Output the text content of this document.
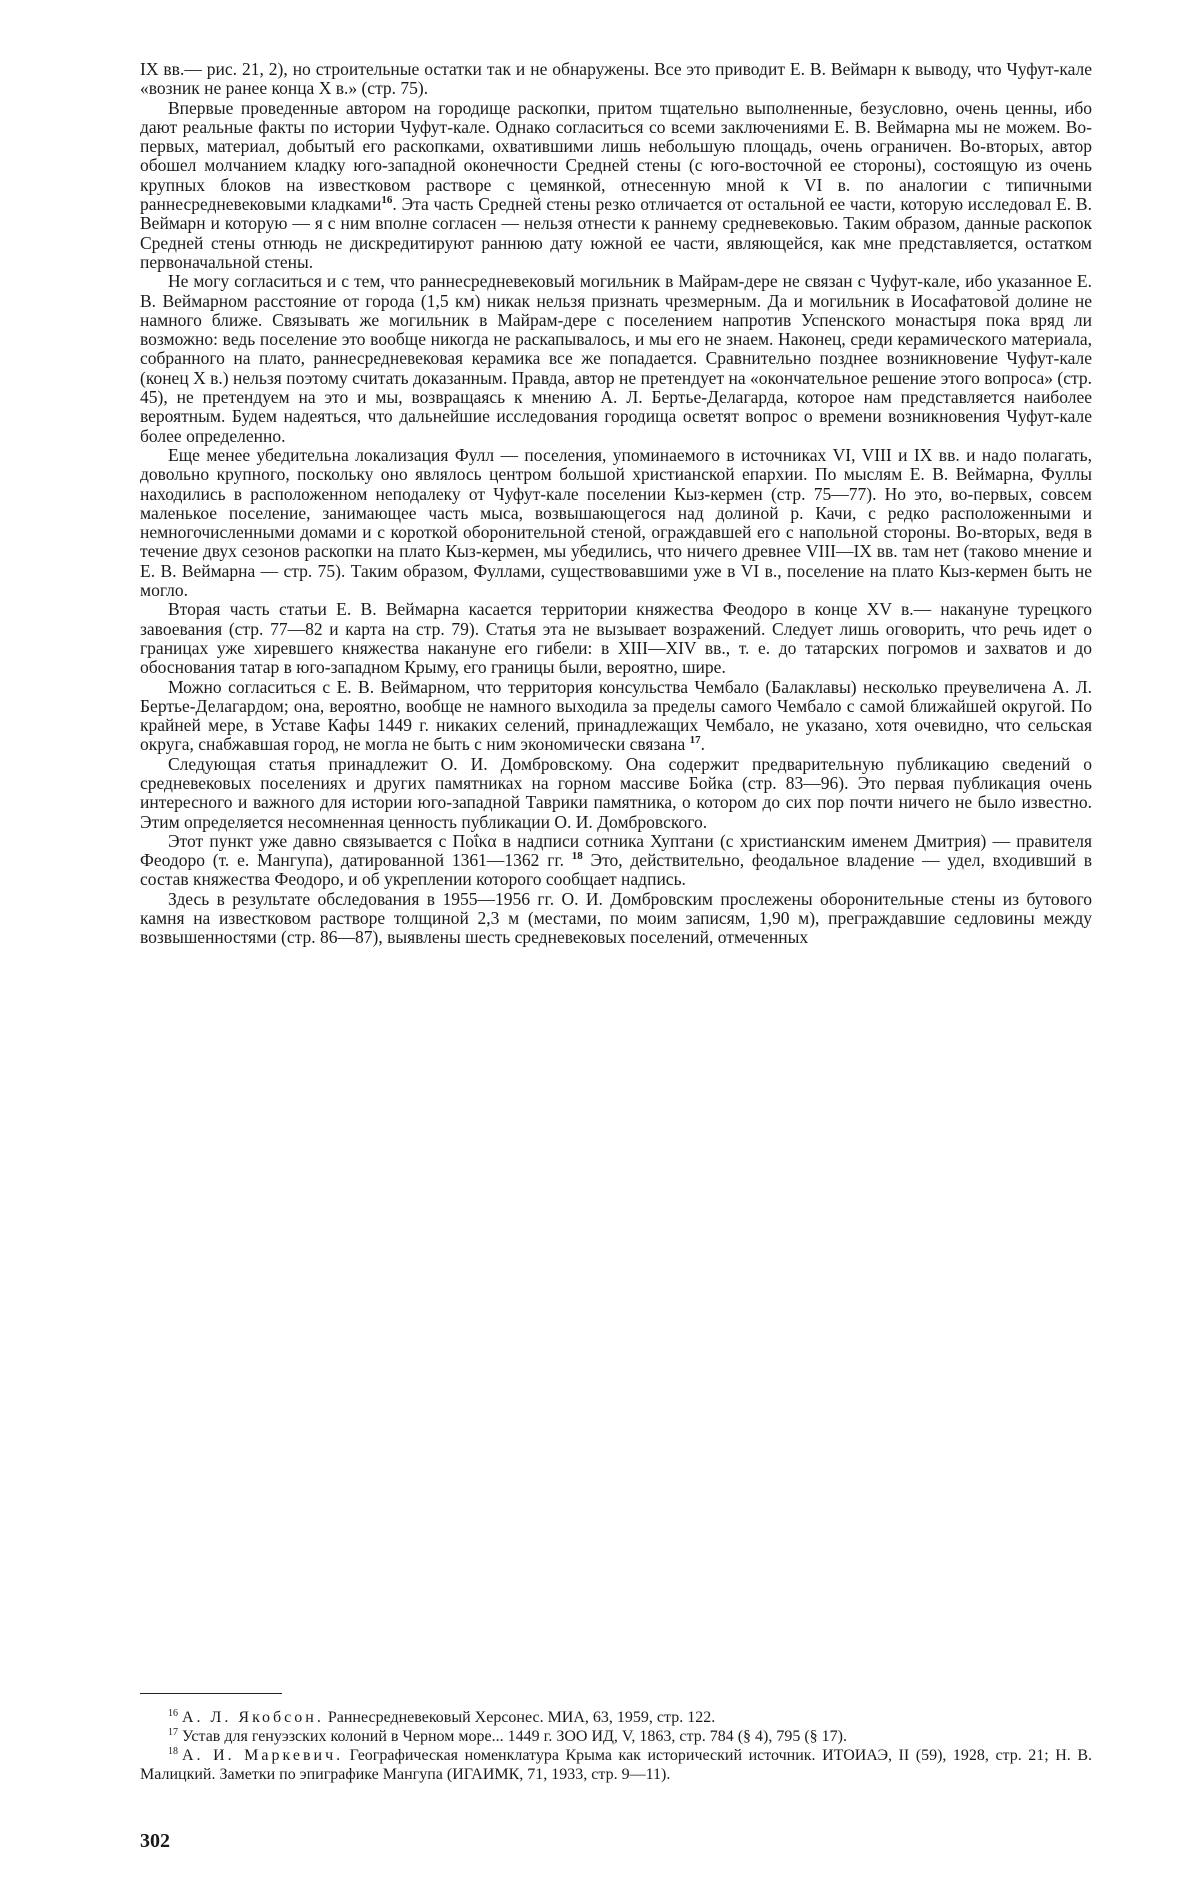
IX вв.— рис. 21, 2), но строительные остатки так и не обнаружены. Все это приводит Е. В. Веймарн к выводу, что Чуфут-кале «возник не ранее конца X в.» (стр. 75).

Впервые проведенные автором на городище раскопки, притом тщательно выполненные, безусловно, очень ценны, ибо дают реальные факты по истории Чуфут-кале. Однако согласиться со всеми заключениями Е. В. Веймарна мы не можем. Во-первых, материал, добытый его раскопками, охватившими лишь небольшую площадь, очень ограничен. Во-вторых, автор обошел молчанием кладку юго-западной оконечности Средней стены (с юго-восточной ее стороны), состоящую из очень крупных блоков на известковом растворе с цемянкой, отнесенную мной к VI в. по аналогии с типичными раннесредневековыми кладками$^{16}$. Эта часть Средней стены резко отличается от остальной ее части, которую исследовал Е. В. Веймарн и которую — я с ним вполне согласен — нельзя отнести к раннему средневековью. Таким образом, данные раскопок Средней стены отнюдь не дискредитируют раннюю дату южной ее части, являющейся, как мне представляется, остатком первоначальной стены.

Не могу согласиться и с тем, что раннесредневековый могильник в Майрам-дере не связан с Чуфут-кале, ибо указанное Е. В. Веймарном расстояние от города (1,5 км) никак нельзя признать чрезмерным. Да и могильник в Иосафатовой долине не намного ближе. Связывать же могильник в Майрам-дере с поселением напротив Успенского монастыря пока вряд ли возможно: ведь поселение это вообще никогда не раскапывалось, и мы его не знаем. Наконец, среди керамического материала, собранного на плато, раннесредневековая керамика все же попадается. Сравнительно позднее возникновение Чуфут-кале (конец X в.) нельзя поэтому считать доказанным. Правда, автор не претендует на «окончательное решение этого вопроса» (стр. 45), не претендуем на это и мы, возвращаясь к мнению А. Л. Бертье-Делагарда, которое нам представляется наиболее вероятным. Будем надеяться, что дальнейшие исследования городища осветят вопрос о времени возникновения Чуфут-кале более определенно.

Еще менее убедительна локализация Фулл — поселения, упоминаемого в источниках VI, VIII и IX вв. и надо полагать, довольно крупного, поскольку оно являлось центром большой христианской епархии. По мыслям Е. В. Веймарна, Фуллы находились в расположенном неподалеку от Чуфут-кале поселении Кыз-кермен (стр. 75—77). Но это, во-первых, совсем маленькое поселение, занимающее часть мыса, возвышающегося над долиной р. Качи, с редко расположенными и немногочисленными домами и с короткой оборонительной стеной, ограждавшей его с напольной стороны. Во-вторых, ведя в течение двух сезонов раскопки на плато Кыз-кермен, мы убедились, что ничего древнее VIII—IX вв. там нет (таково мнение и Е. В. Веймарна — стр. 75). Таким образом, Фуллами, существовавшими уже в VI в., поселение на плато Кыз-кермен быть не могло.

Вторая часть статьи Е. В. Веймарна касается территории княжества Феодоро в конце XV в.— накануне турецкого завоевания (стр. 77—82 и карта на стр. 79). Статья эта не вызывает возражений. Следует лишь оговорить, что речь идет о границах уже хиревшего княжества накануне его гибели: в XIII—XIV вв., т. е. до татарских погромов и захватов и до обоснования татар в юго-западном Крыму, его границы были, вероятно, шире.

Можно согласиться с Е. В. Веймарном, что территория консульства Чембало (Балаклавы) несколько преувеличена А. Л. Бертье-Делагардом; она, вероятно, вообще не намного выходила за пределы самого Чембало с самой ближайшей округой. По крайней мере, в Уставе Кафы 1449 г. никаких селений, принадлежащих Чембало, не указано, хотя очевидно, что сельская округа, снабжавшая город, не могла не быть с ним экономически связана $^{17}$.

Следующая статья принадлежит О. И. Домбровскому. Она содержит предварительную публикацию сведений о средневековых поселениях и других памятниках на горном массиве Бойка (стр. 83—96). Это первая публикация очень интересного и важного для истории юго-западной Таврики памятника, о котором до сих пор почти ничего не было известно. Этим определяется несомненная ценность публикации О. И. Домбровского.

Этот пункт уже давно связывается с Ποΐκα в надписи сотника Хуптани (с христианским именем Дмитрия) — правителя Феодоро (т. е. Мангупа), датированной 1361—1362 гг. $^{18}$ Это, действительно, феодальное владение — удел, входивший в состав княжества Феодоро, и об укреплении которого сообщает надпись.

Здесь в результате обследования в 1955—1956 гг. О. И. Домбровским прослежены оборонительные стены из бутового камня на известковом растворе толщиной 2,3 м (местами, по моим записям, 1,90 м), преграждавшие седловины между возвышенностями (стр. 86—87), выявлены шесть средневековых поселений, отмеченных

$^{16}$ А. Л. Якобсон. Раннесредневековый Херсонес. МИА, 63, 1959, стр. 122.

$^{17}$ Устав для генуэзских колоний в Черном море... 1449 г. ЗОО ИД, V, 1863, стр. 784 (§ 4), 795 (§ 17).

$^{18}$ А. И. Маркевич. Географическая номенклатура Крыма как исторический источник. ИТОИАЭ, II (59), 1928, стр. 21; Н. В. Малицкий. Заметки по эпиграфике Мангупа (ИГАИМК, 71, 1933, стр. 9—11).

302
